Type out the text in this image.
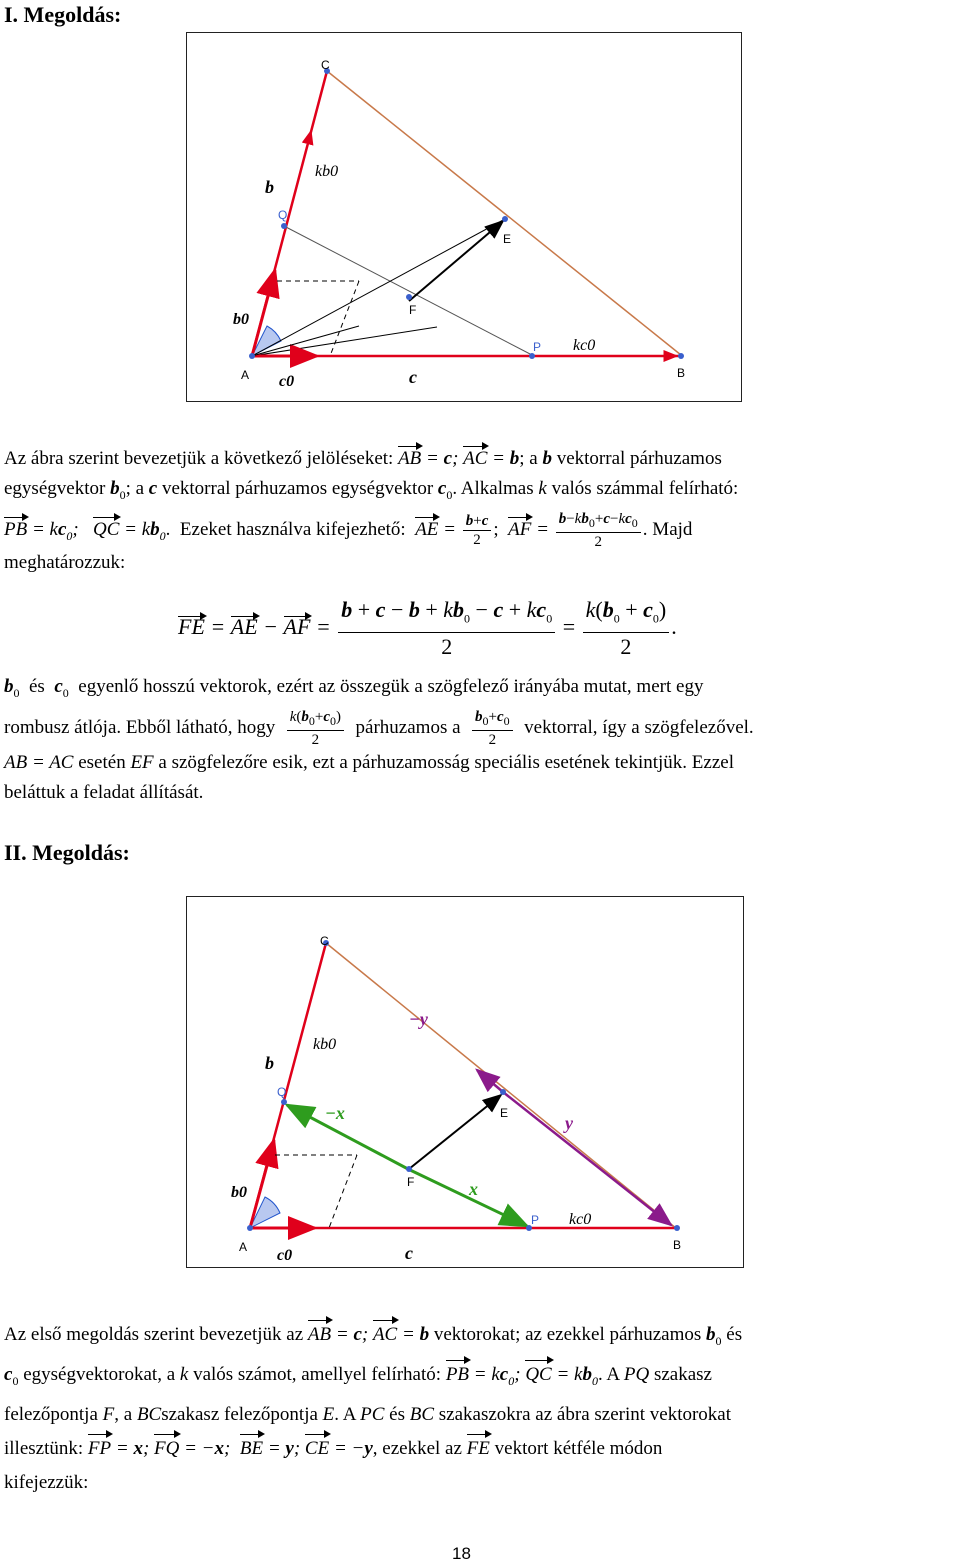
I. Megoldás:
C
B
A
E
F
P
Q
b
kb0
b0
c0	c
kc0
Az ábra szerint bevezetjük a következő jelöléseket: AB = c; AC = b; a b vektorral párhuzamos
egységvektor $b_0$; a c vektorral párhuzamos egységvektor $c_0$. Alkalmas k valós számmal felírható:
PB = $kc_0$;   QC = $kb_0$.  Ezeket használva kifejezhető: AE = $\frac{b+c}{2}$ ;  AF = $\frac{b-kb_0+c-kc_0}{2}$ . Majd
meghatározzuk:
FE = AE − AF = $\frac{b + c - b + kb_0 - c + kc_0}{2} = \frac{k(b_0 + c_0)}{2}$ .
$b_0$ és $c_0$ egyenlő hosszú vektorok, ezért az összegük a szögfelező irányába mutat, mert egy
rombusz átlója. Ebből látható, hogy $\frac{k(b_0+c_0)}{2}$ párhuzamos a $\frac{b_0+c_0}{2}$ vektorral, így a szögfelezővel.
AB = AC esetén EF a szögfelezőre esik, ezt a párhuzamosság speciális esetének tekintjük. Ezzel
beláttuk a feladat állítását.
II. Megoldás:
C
B
A
E
F
P
Q
b
kb0
b0
c0	c
kc0
−y
y
−x
x
Az első megoldás szerint bevezetjük az AB = c; AC = b vektorokat; az ezekkel párhuzamos $b_0$ és
$c_0$ egységvektorokat, a k valós számot, amellyel felírható: PB = $kc_0$; QC = $kb_0$. A PQ szakasz
felezőpontja F, a BCszakasz felezőpontja E. A PC és BC szakaszokra az ábra szerint vektorokat
illesztünk: FP = x; FQ = −x;  BE = y; CE = −y, ezekkel az FE vektort kétféle módon
kifejezzük:
18
